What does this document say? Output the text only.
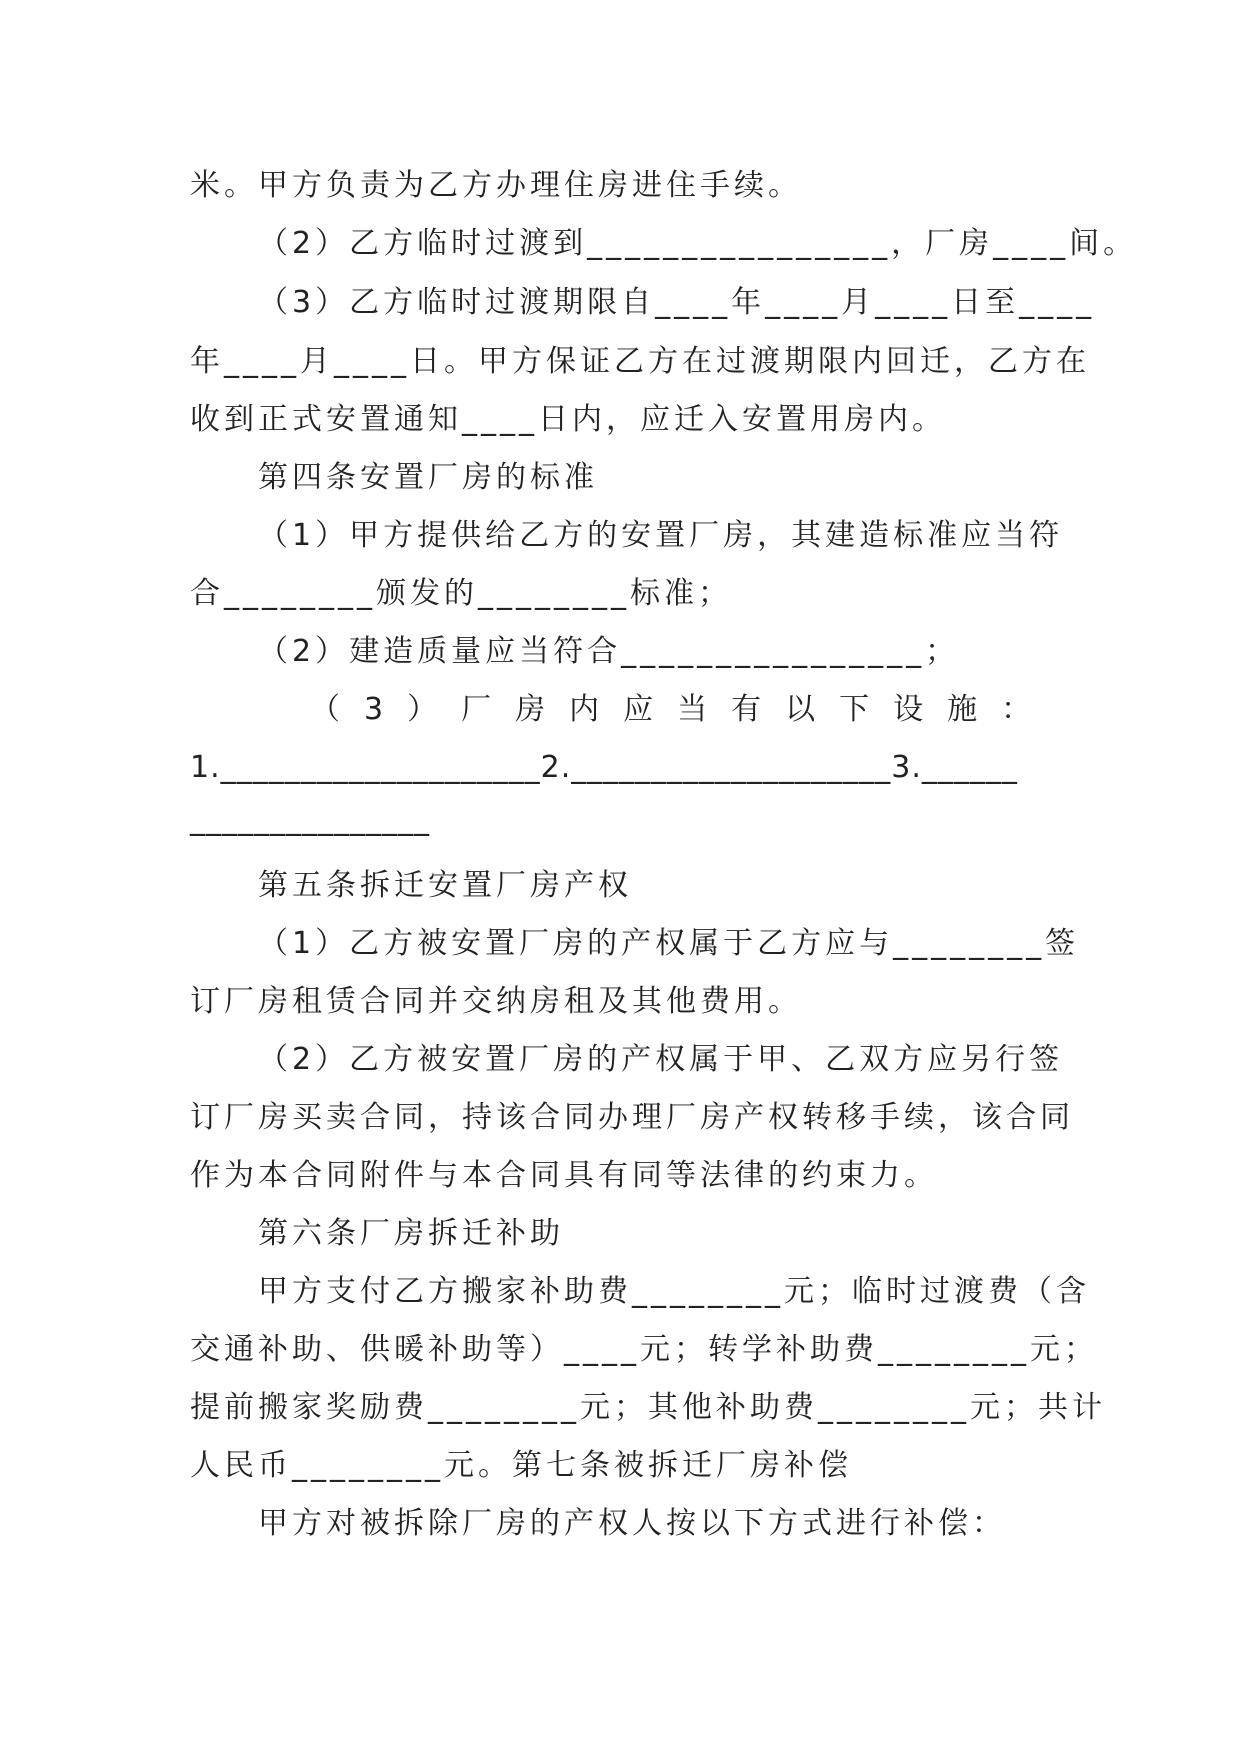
米。甲方负责为乙方办理住房进住手续。

（2）乙方临时过渡到________________，厂房____间。

（3）乙方临时过渡期限自____年____月____日至____

年____月____日。甲方保证乙方在过渡期限内回迁，乙方在

收到正式安置通知____日内，应迁入安置用房内。

第四条安置厂房的标准

（1）甲方提供给乙方的安置厂房，其建造标准应当符

合________颁发的________标准；

（2）建造质量应当符合________________；

（3）厂房内应当有以下设施：

1.____________________2.____________________3.______

_______________

第五条拆迁安置厂房产权

（1）乙方被安置厂房的产权属于乙方应与________签

订厂房租赁合同并交纳房租及其他费用。

（2）乙方被安置厂房的产权属于甲、乙双方应另行签

订厂房买卖合同，持该合同办理厂房产权转移手续，该合同

作为本合同附件与本合同具有同等法律的约束力。

第六条厂房拆迁补助

甲方支付乙方搬家补助费________元；临时过渡费（含

交通补助、供暖补助等）____元；转学补助费________元；

提前搬家奖励费________元；其他补助费________元；共计

人民币________元。第七条被拆迁厂房补偿

甲方对被拆除厂房的产权人按以下方式进行补偿：
